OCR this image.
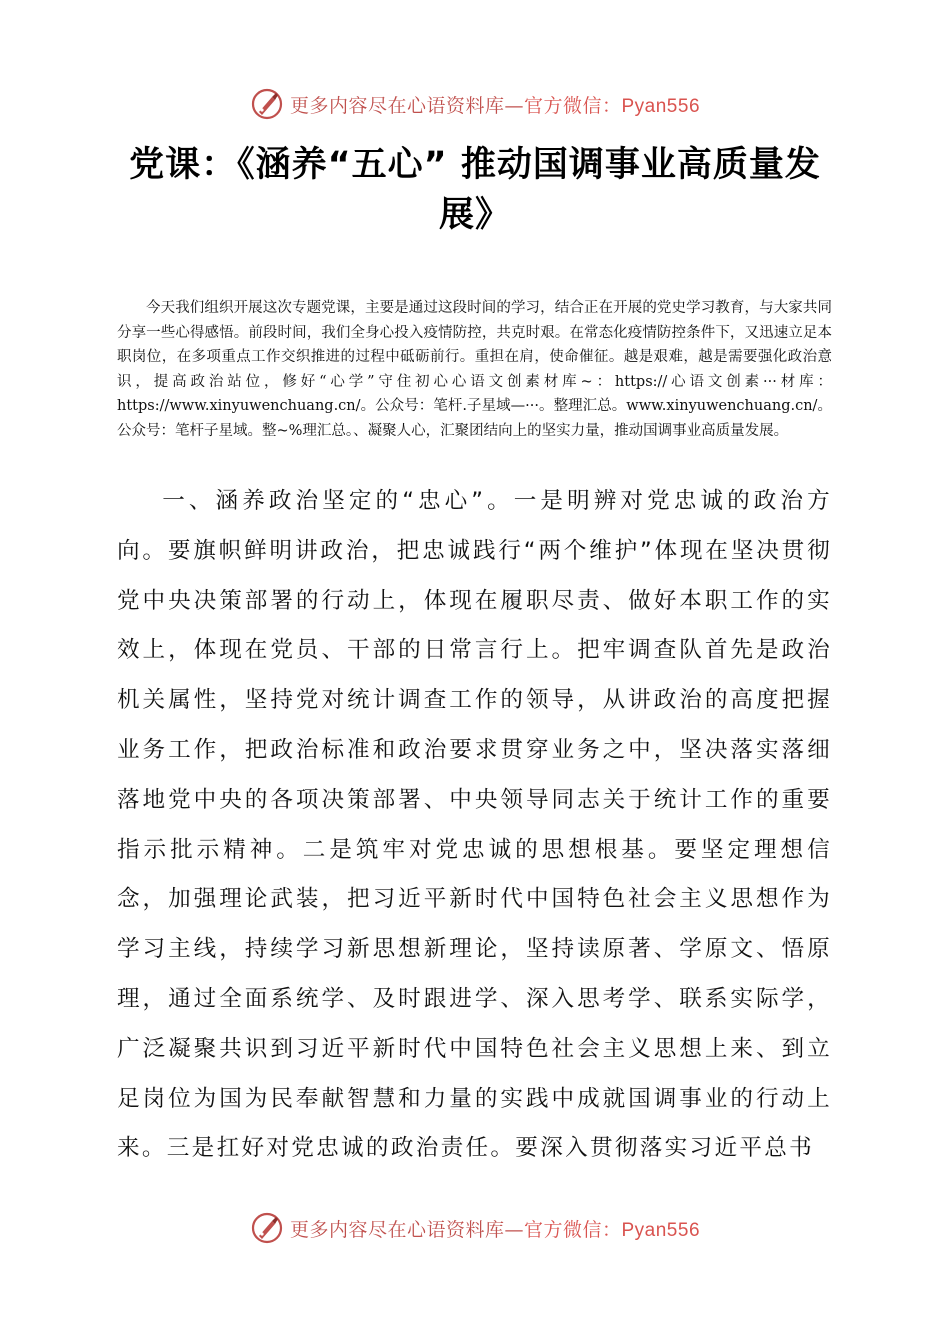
更多内容尽在心语资料库—官方微信：Pyan556
党课：《涵养“五心” 推动国调事业高质量发展》
今天我们组织开展这次专题党课，主要是通过这段时间的学习，结合正在开展的党史学习教育，与大家共同分享一些心得感悟。前段时间，我们全身心投入疫情防控，共克时艰。在常态化疫情防控条件下，又迅速立足本职岗位，在多项重点工作交织推进的过程中砥砺前行。重担在肩，使命催征。越是艰难，越是需要强化政治意识，提高政治站位，修好“心学”守住初心心语文创素材库~：https://心语文创素···材库：https://www.xinyuwenchuang.cn/。公众号：笔杆.子星域—···。整理汇总。www.xinyuwenchuang.cn/。公众号：笔杆子星域。整~%理汇总。、凝聚人心，汇聚团结向上的坚实力量，推动国调事业高质量发展。
一、涵养政治坚定的“忠心”。一是明辨对党忠诚的政治方向。要旗帜鲜明讲政治，把忠诚践行“两个维护”体现在坚决贯彻党中央决策部署的行动上，体现在履职尽责、做好本职工作的实效上，体现在党员、干部的日常言行上。把牢调查队首先是政治机关属性，坚持党对统计调查工作的领导，从讲政治的高度把握业务工作，把政治标准和政治要求贯穿业务之中，坚决落实落细落地党中央的各项决策部署、中央领导同志关于统计工作的重要指示批示精神。二是筑牢对党忠诚的思想根基。要坚定理想信念，加强理论武装，把习近平新时代中国特色社会主义思想作为学习主线，持续学习新思想新理论，坚持读原著、学原文、悟原理，通过全面系统学、及时跟进学、深入思考学、联系实际学，广泛凝聚共识到习近平新时代中国特色社会主义思想上来、到立足岗位为国为民奉献智慧和力量的实践中成就国调事业的行动上来。三是扛好对党忠诚的政治责任。要深入贯彻落实习近平总书
更多内容尽在心语资料库—官方微信：Pyan556
